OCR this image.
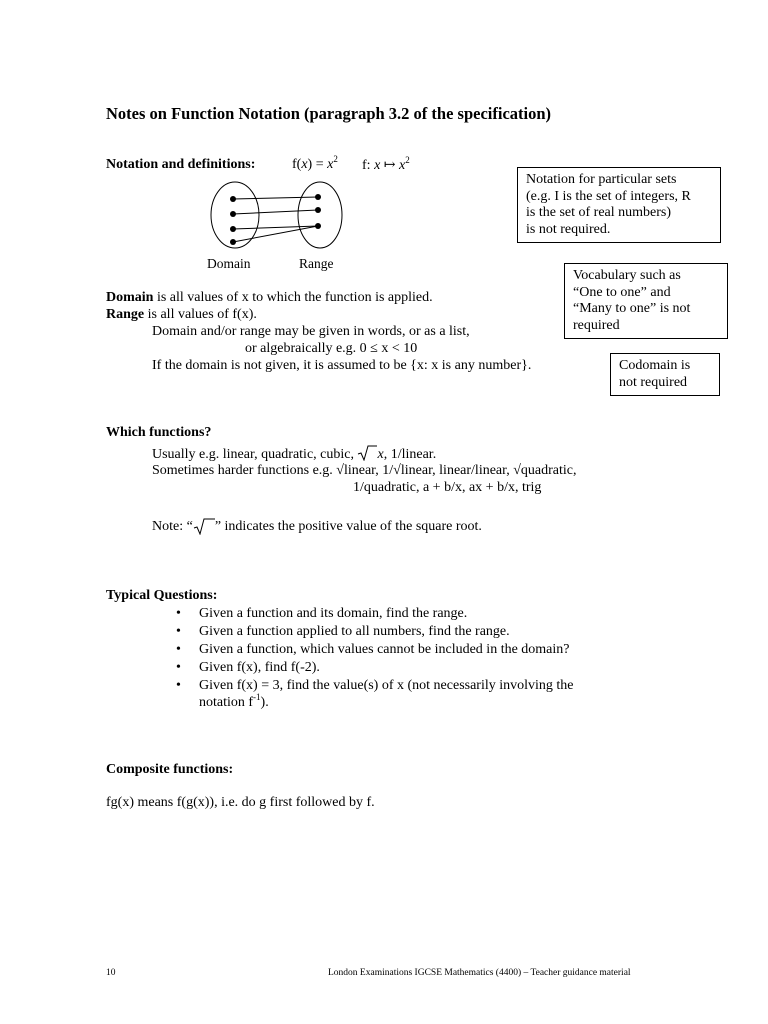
Notes on Function Notation (paragraph 3.2 of the specification)
Notation and definitions:	$f(x) = x^2$ f: x ↦ $x^2$
Domain	Range
Notation for particular sets
(e.g. I is the set of integers, R
is the set of real numbers)
is not required.
Vocabulary such as
“One to one” and
“Many to one” is not
required
Codomain is
not required
Domain is all values of x to which the function is applied.
Range is all values of f(x).
Domain and/or range may be given in words, or as a list,
or algebraically e.g. 0 ≤ x < 10
If the domain is not given, it is assumed to be {x: x is any number}.
Which functions?
Usually e.g. linear, quadratic, cubic, x, 1/linear.
Sometimes harder functions e.g. √linear, 1/√linear, linear/linear, √quadratic,
1/quadratic, a + b/x, ax + b/x, trig
Note: “ ” indicates the positive value of the square root.
Typical Questions:
• Given a function and its domain, find the range.
• Given a function applied to all numbers, find the range.
• Given a function, which values cannot be included in the domain?
• Given f(x), find f(-2).
• Given f(x) = 3, find the value(s) of x (not necessarily involving the
notation $f^{-1}$).
Composite functions:
fg(x) means f(g(x)), i.e. do g first followed by f.
10	London Examinations IGCSE Mathematics (4400) – Teacher guidance material
